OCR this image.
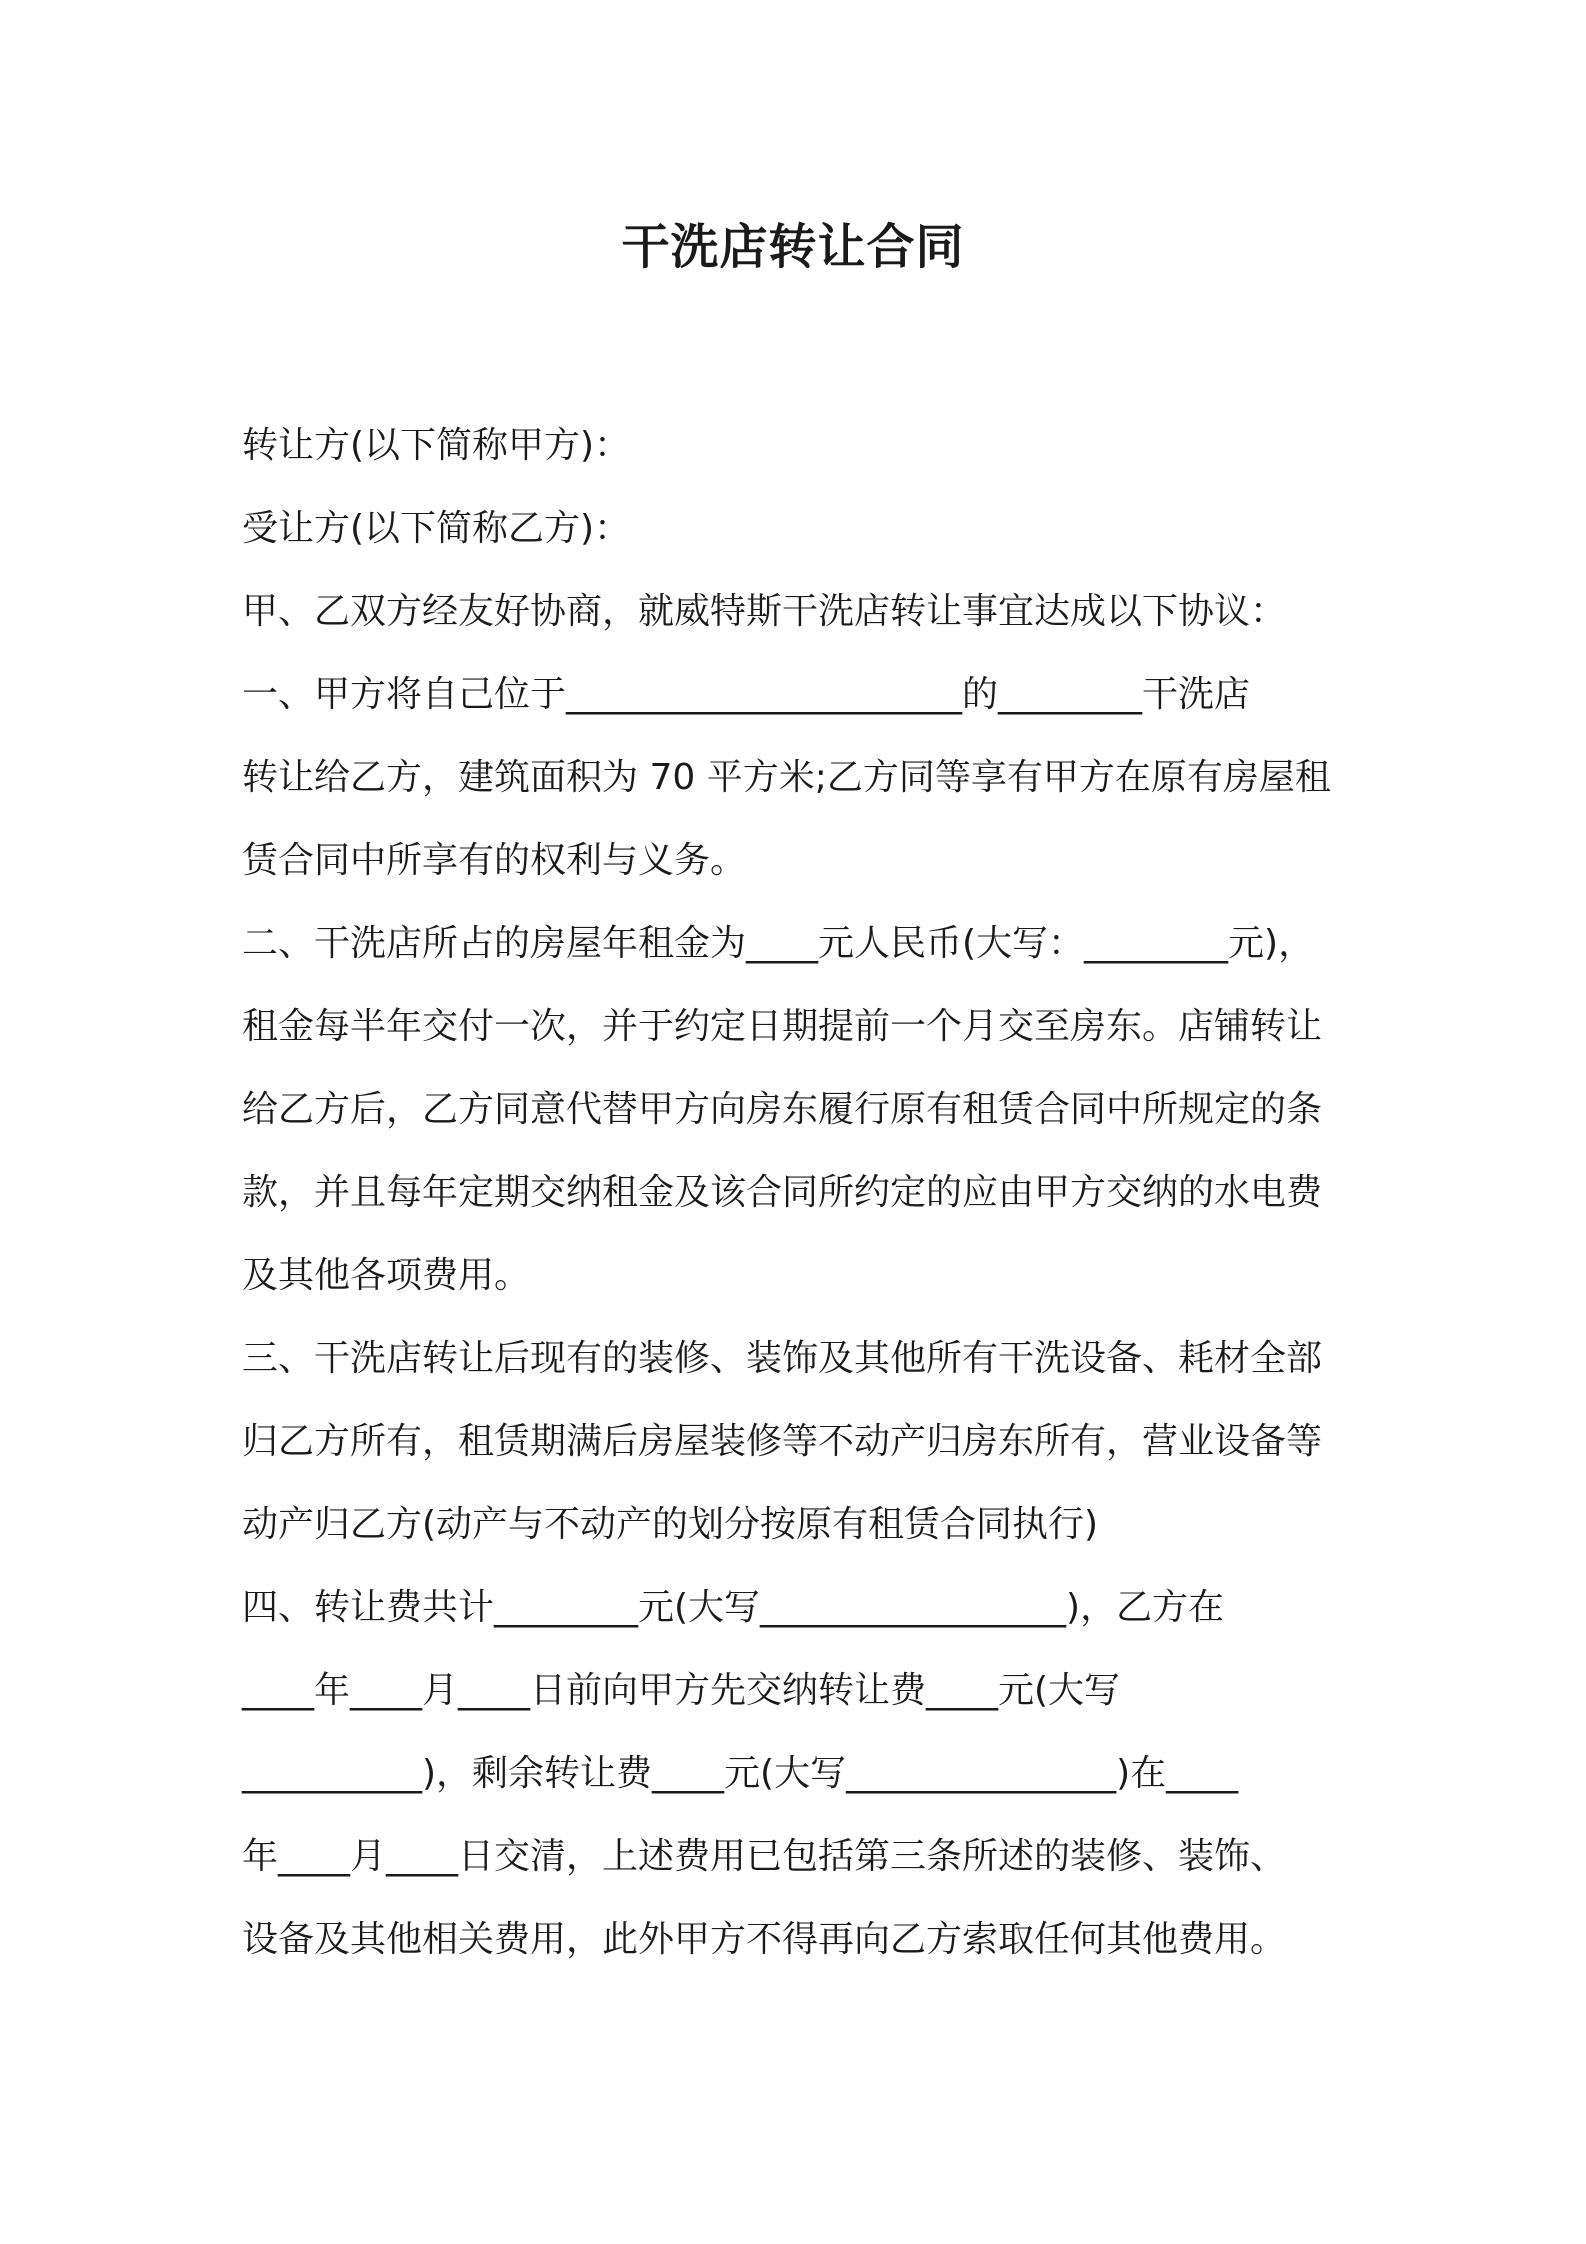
干洗店转让合同
转让方(以下简称甲方)：
受让方(以下简称乙方)：
甲、乙双方经友好协商，就威特斯干洗店转让事宜达成以下协议：
一、甲方将自己位于______________________的________干洗店
转让给乙方，建筑面积为 70 平方米;乙方同等享有甲方在原有房屋租
赁合同中所享有的权利与义务。
二、干洗店所占的房屋年租金为____元人民币(大写：________元)，
租金每半年交付一次，并于约定日期提前一个月交至房东。店铺转让
给乙方后，乙方同意代替甲方向房东履行原有租赁合同中所规定的条
款，并且每年定期交纳租金及该合同所约定的应由甲方交纳的水电费
及其他各项费用。
三、干洗店转让后现有的装修、装饰及其他所有干洗设备、耗材全部
归乙方所有，租赁期满后房屋装修等不动产归房东所有，营业设备等
动产归乙方(动产与不动产的划分按原有租赁合同执行)
四、转让费共计________元(大写_________________)，乙方在
____年____月____日前向甲方先交纳转让费____元(大写
__________)，剩余转让费____元(大写_______________)在____
年____月____日交清，上述费用已包括第三条所述的装修、装饰、
设备及其他相关费用，此外甲方不得再向乙方索取任何其他费用。
